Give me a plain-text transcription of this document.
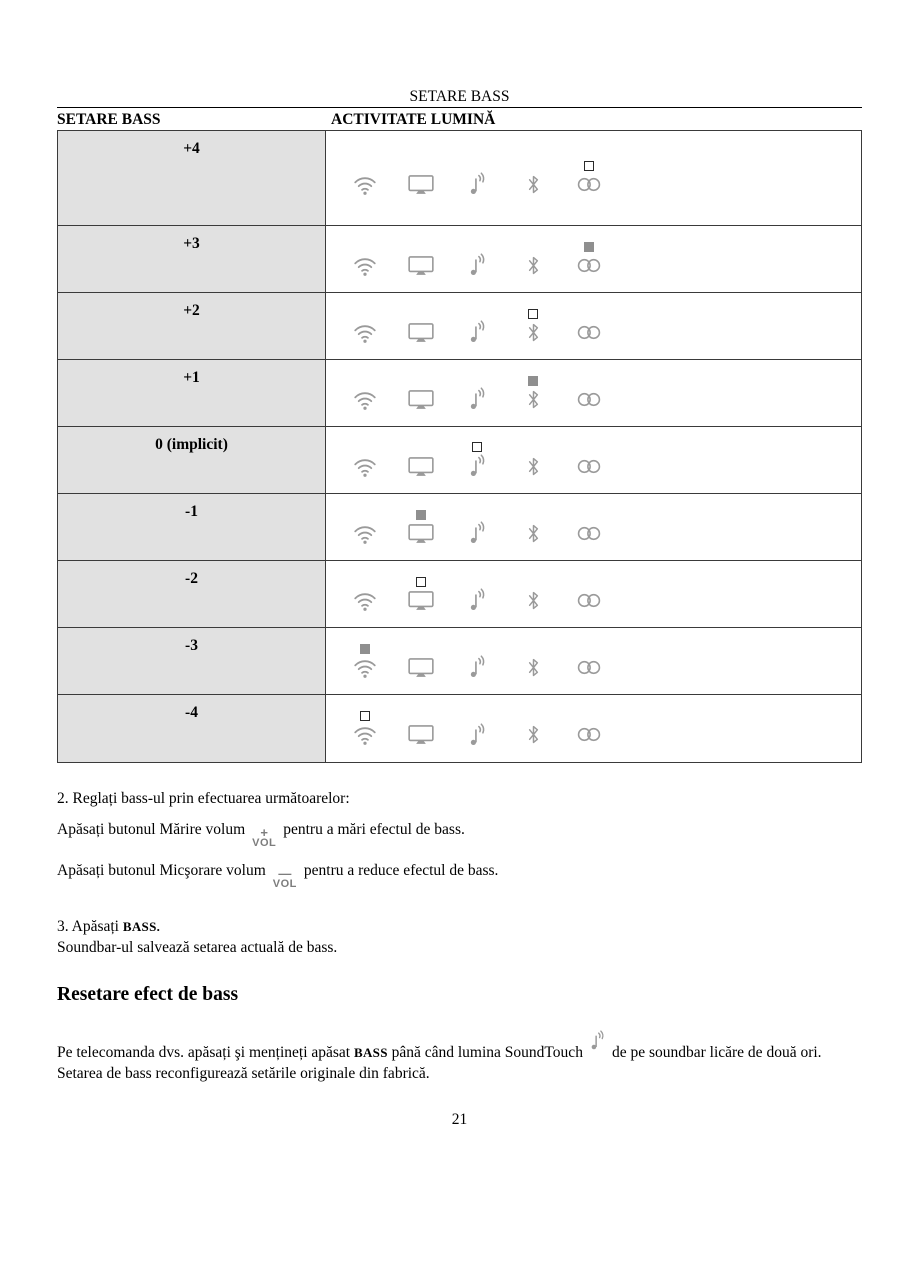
SETARE BASS
SETARE BASS	ACTIVITATE LUMINĂ
+4
+3
+2
+1
0 (implicit)
-1
-2
-3
-4

2. Reglați bass-ul prin efectuarea următoarelor:

Apăsați butonul Mărire volum +
VOL
pentru a mări efectul de bass.

Apăsați butonul Micşorare volum —
VOL
pentru a reduce efectul de bass.

3. Apăsați BASS.

Soundbar-ul salvează setarea actuală de bass.

Resetare efect de bass

Pe telecomanda dvs. apăsați şi mențineți apăsat BASS până când lumina SoundTouch de pe soundbar licăre de două ori.

Setarea de bass reconfigurează setările originale din fabrică.

21
